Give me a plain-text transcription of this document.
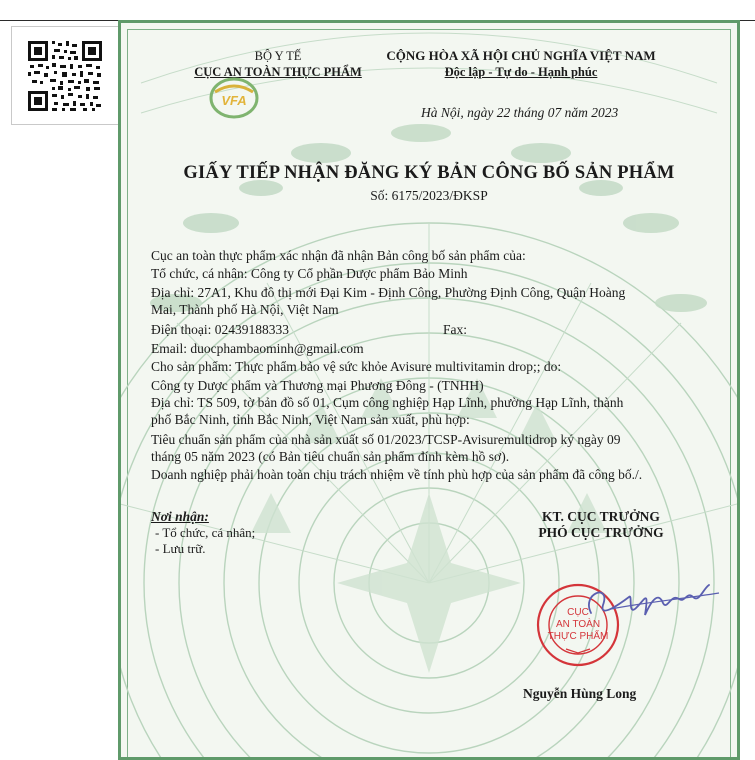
BỘ Y TẾ
CỤC AN TOÀN THỰC PHẨM
VFA
CỘNG HÒA XÃ HỘI CHỦ NGHĨA VIỆT NAM
Độc lập - Tự do - Hạnh phúc
Hà Nội, ngày 22 tháng 07 năm 2023
GIẤY TIẾP NHẬN ĐĂNG KÝ BẢN CÔNG BỐ SẢN PHẨM
Số: 6175/2023/ĐKSP
Cục an toàn thực phẩm xác nhận đã nhận Bản công bố sản phẩm của:
Tổ chức, cá nhân: Công ty Cổ phần Dược phẩm Bảo Minh
Địa chỉ: 27A1, Khu đô thị mới Đại Kim - Định Công, Phường Định Công, Quận Hoàng
Mai, Thành phố Hà Nội, Việt Nam
Điện thoại: 02439188333	Fax:
Email: duocphambaominh@gmail.com
Cho sản phẩm: Thực phẩm bảo vệ sức khỏe Avisure multivitamin drop;; do:
Công ty Dược phẩm và Thương mại Phương Đông - (TNHH)
Địa chỉ: TS 509, tờ bản đồ số 01, Cụm công nghiệp Hạp Lĩnh, phường Hạp Lĩnh, thành
phố Bắc Ninh, tỉnh Bắc Ninh, Việt Nam sản xuất, phù hợp:
Tiêu chuẩn sản phẩm của nhà sản xuất số 01/2023/TCSP-Avisuremultidrop ký ngày 09
tháng 05 năm 2023 (có Bản tiêu chuẩn sản phẩm đính kèm hồ sơ).
Doanh nghiệp phải hoàn toàn chịu trách nhiệm về tính phù hợp của sản phẩm đã công bố./.
Nơi nhận:
- Tổ chức, cá nhân;
- Lưu trữ.
KT. CỤC TRƯỞNG
PHÓ CỤC TRƯỞNG
CỤC
AN TOÀN
THỰC PHẨM
Nguyễn Hùng Long
